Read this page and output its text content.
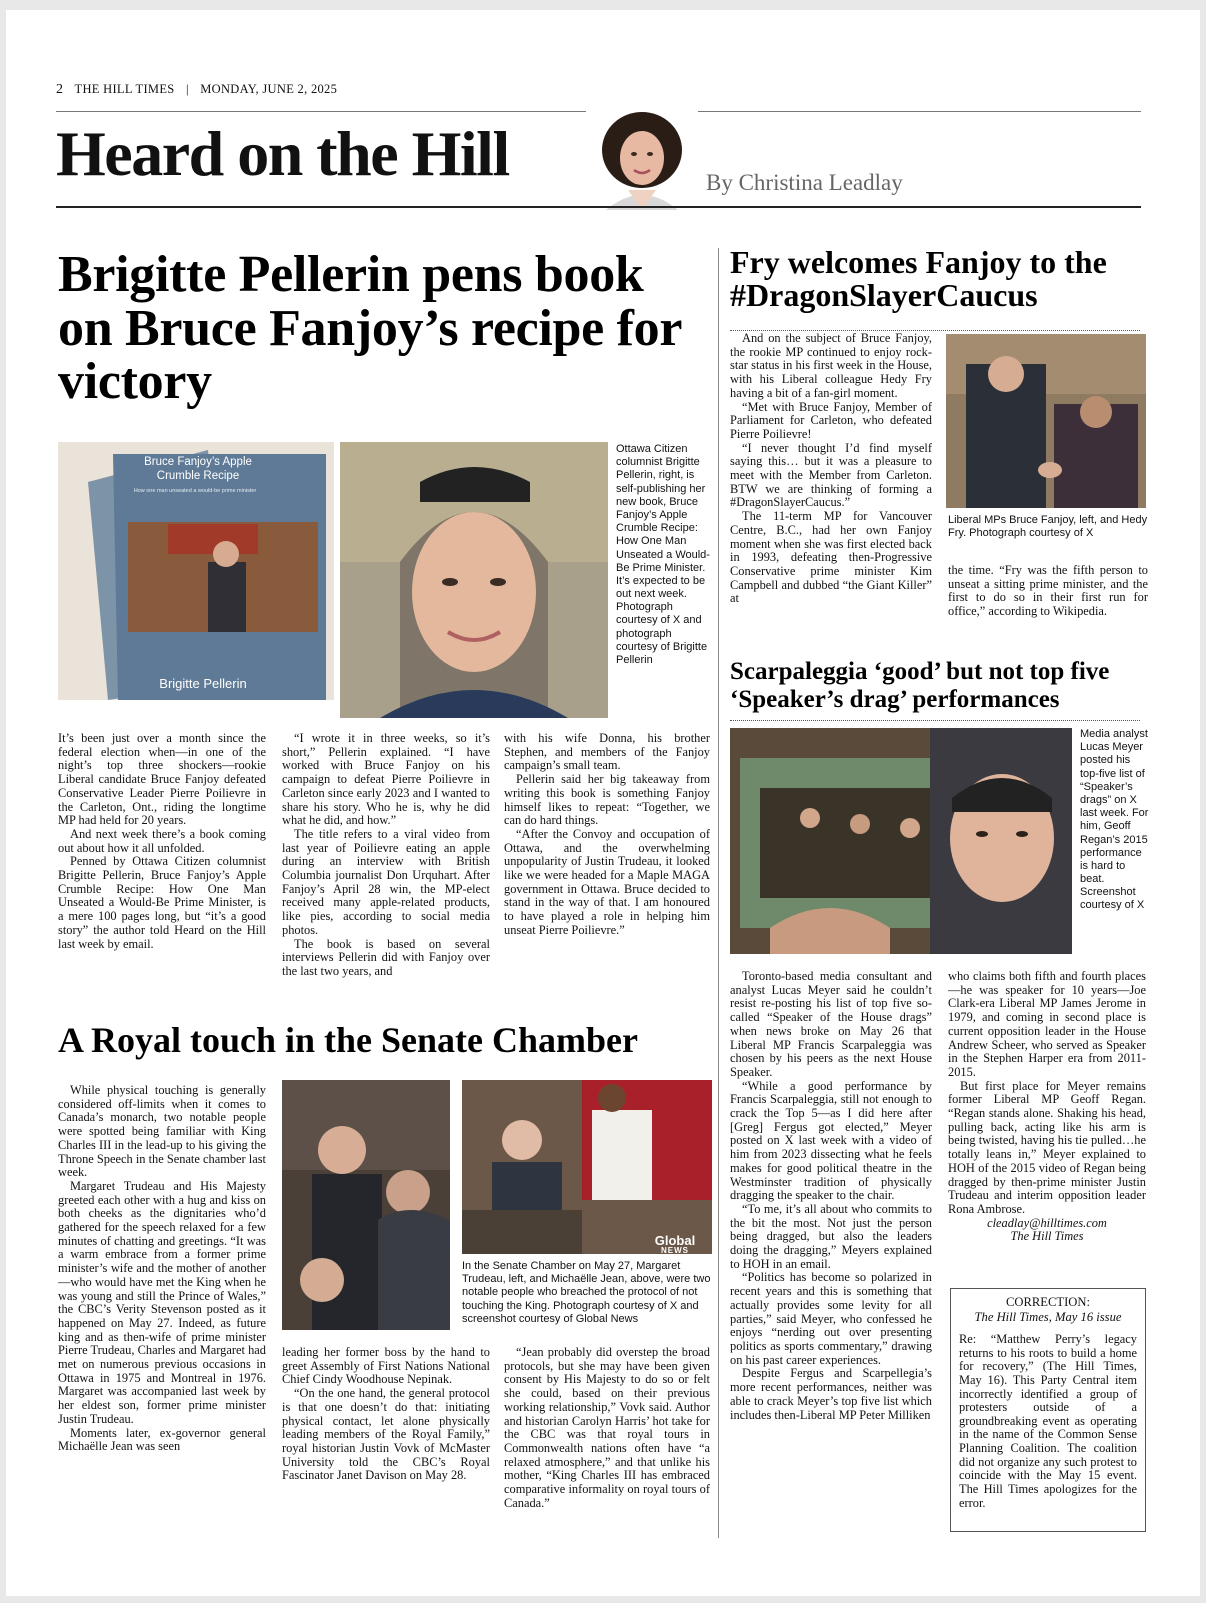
2 THE HILL TIMES | MONDAY, JUNE 2, 2025
Heard on the Hill	By Christina Leadlay
Brigitte Pellerin pens book on Bruce Fanjoy’s recipe for victory
Bruce Fanjoy’s Apple Crumble Recipe
How one man unseated a would-be prime minister
Brigitte Pellerin
Ottawa Citizen columnist Brigitte Pellerin, right, is self-publishing her new book, Bruce Fanjoy’s Apple Crumble Recipe: How One Man Unseated a Would-Be Prime Minister. It’s expected to be out next week. Photograph courtesy of X and photograph courtesy of Brigitte Pellerin

It’s been just over a month since the federal election when—in one of the night’s top three shockers—rookie Liberal candidate Bruce Fanjoy defeated Conservative Leader Pierre Poilievre in the Carleton, Ont., riding the longtime MP had held for 20 years.

And next week there’s a book coming out about how it all unfolded.

Penned by Ottawa Citizen columnist Brigitte Pellerin, Bruce Fanjoy’s Apple Crumble Recipe: How One Man Unseated a Would-Be Prime Minister, is a mere 100 pages long, but “it’s a good story” the author told Heard on the Hill last week by email.

“I wrote it in three weeks, so it’s short,” Pellerin explained. “I have worked with Bruce Fanjoy on his campaign to defeat Pierre Poilievre in Carleton since early 2023 and I wanted to share his story. Who he is, why he did what he did, and how.”

The title refers to a viral video from last year of Poilievre eating an apple during an interview with British Columbia journalist Don Urquhart. After Fanjoy’s April 28 win, the MP-elect received many apple-related products, like pies, according to social media photos.

The book is based on several interviews Pellerin did with Fanjoy over the last two years, and

with his wife Donna, his brother Stephen, and members of the Fanjoy campaign’s small team.

Pellerin said her big takeaway from writing this book is something Fanjoy himself likes to repeat: “Together, we can do hard things.

“After the Convoy and occupation of Ottawa, and the overwhelming unpopularity of Justin Trudeau, it looked like we were headed for a Maple MAGA government in Ottawa. Bruce decided to stand in the way of that. I am honoured to have played a role in helping him unseat Pierre Poilievre.”

Fry welcomes Fanjoy to the #DragonSlayerCaucus

And on the subject of Bruce Fanjoy, the rookie MP continued to enjoy rock-star status in his first week in the House, with his Liberal colleague Hedy Fry having a bit of a fan-girl moment.

“Met with Bruce Fanjoy, Member of Parliament for Carleton, who defeated Pierre Poilievre!

“I never thought I’d find myself saying this… but it was a pleasure to meet with the Member from Carleton. BTW we are thinking of forming a #DragonSlayerCaucus.”

The 11-term MP for Vancouver Centre, B.C., had her own Fanjoy moment when she was first elected back in 1993, defeating then-Progressive Conservative prime minister Kim Campbell and dubbed “the Giant Killer” at

Liberal MPs Bruce Fanjoy, left, and Hedy Fry. Photograph courtesy of X

the time. “Fry was the fifth person to unseat a sitting prime minister, and the first to do so in their first run for office,” according to Wikipedia.

Scarpaleggia ‘good’ but not top five ‘Speaker’s drag’ performances
Media analyst Lucas Meyer posted his top-five list of “Speaker’s drags” on X last week. For him, Geoff Regan’s 2015 performance is hard to beat. Screenshot courtesy of X

Toronto-based media consultant and analyst Lucas Meyer said he couldn’t resist re-posting his list of top five so-called “Speaker of the House drags” when news broke on May 26 that Liberal MP Francis Scarpaleggia was chosen by his peers as the next House Speaker.

“While a good performance by Francis Scarpaleggia, still not enough to crack the Top 5—as I did here after [Greg] Fergus got elected,” Meyer posted on X last week with a video of him from 2023 dissecting what he feels makes for good political theatre in the Westminster tradition of physically dragging the speaker to the chair.

“To me, it’s all about who commits to the bit the most. Not just the person being dragged, but also the leaders doing the dragging,” Meyers explained to HOH in an email.

“Politics has become so polarized in recent years and this is something that actually provides some levity for all parties,” said Meyer, who confessed he enjoys “nerding out over presenting politics as sports commentary,” drawing on his past career experiences.

Despite Fergus and Scarpellegia’s more recent performances, neither was able to crack Meyer’s top five list which includes then-Liberal MP Peter Milliken

who claims both fifth and fourth places—he was speaker for 10 years—Joe Clark-era Liberal MP James Jerome in 1979, and coming in second place is current opposition leader in the House Andrew Scheer, who served as Speaker in the Stephen Harper era from 2011-2015.

But first place for Meyer remains former Liberal MP Geoff Regan. “Regan stands alone. Shaking his head, pulling back, acting like his arm is being twisted, having his tie pulled…he totally leans in,” Meyer explained to HOH of the 2015 video of Regan being dragged by then-prime minister Justin Trudeau and interim opposition leader Rona Ambrose.

cleadlay@hilltimes.com
The Hill Times
CORRECTION:
The Hill Times, May 16 issue
Re: “Matthew Perry’s legacy returns to his roots to build a home for recovery,” (The Hill Times, May 16). This Party Central item incorrectly identified a group of protesters outside of a groundbreaking event as operating in the name of the Common Sense Planning Coalition. The coalition did not organize any such protest to coincide with the May 15 event. The Hill Times apologizes for the error.
A Royal touch in the Senate Chamber
Global
NEWS
In the Senate Chamber on May 27, Margaret Trudeau, left, and Michaëlle Jean, above, were two notable people who breached the protocol of not touching the King. Photograph courtesy of X and screenshot courtesy of Global News

While physical touching is generally considered off-limits when it comes to Canada’s monarch, two notable people were spotted being familiar with King Charles III in the lead-up to his giving the Throne Speech in the Senate chamber last week.

Margaret Trudeau and His Majesty greeted each other with a hug and kiss on both cheeks as the dignitaries who’d gathered for the speech relaxed for a few minutes of chatting and greetings. “It was a warm embrace from a former prime minister’s wife and the mother of another—who would have met the King when he was young and still the Prince of Wales,” the CBC’s Verity Stevenson posted as it happened on May 27. Indeed, as future king and as then-wife of prime minister Pierre Trudeau, Charles and Margaret had met on numerous previous occasions in Ottawa in 1975 and Montreal in 1976. Margaret was accompanied last week by her eldest son, former prime minister Justin Trudeau.

Moments later, ex-governor general Michaëlle Jean was seen

leading her former boss by the hand to greet Assembly of First Nations National Chief Cindy Woodhouse Nepinak.

“On the one hand, the general protocol is that one doesn’t do that: initiating physical contact, let alone physically leading members of the Royal Family,” royal historian Justin Vovk of McMaster University told the CBC’s Royal Fascinator Janet Davison on May 28.

“Jean probably did overstep the broad protocols, but she may have been given consent by His Majesty to do so or felt she could, based on their previous working relationship,” Vovk said. Author and historian Carolyn Harris’ hot take for the CBC was that royal tours in Commonwealth nations often have “a relaxed atmosphere,” and that unlike his mother, “King Charles III has embraced comparative informality on royal tours of Canada.”
